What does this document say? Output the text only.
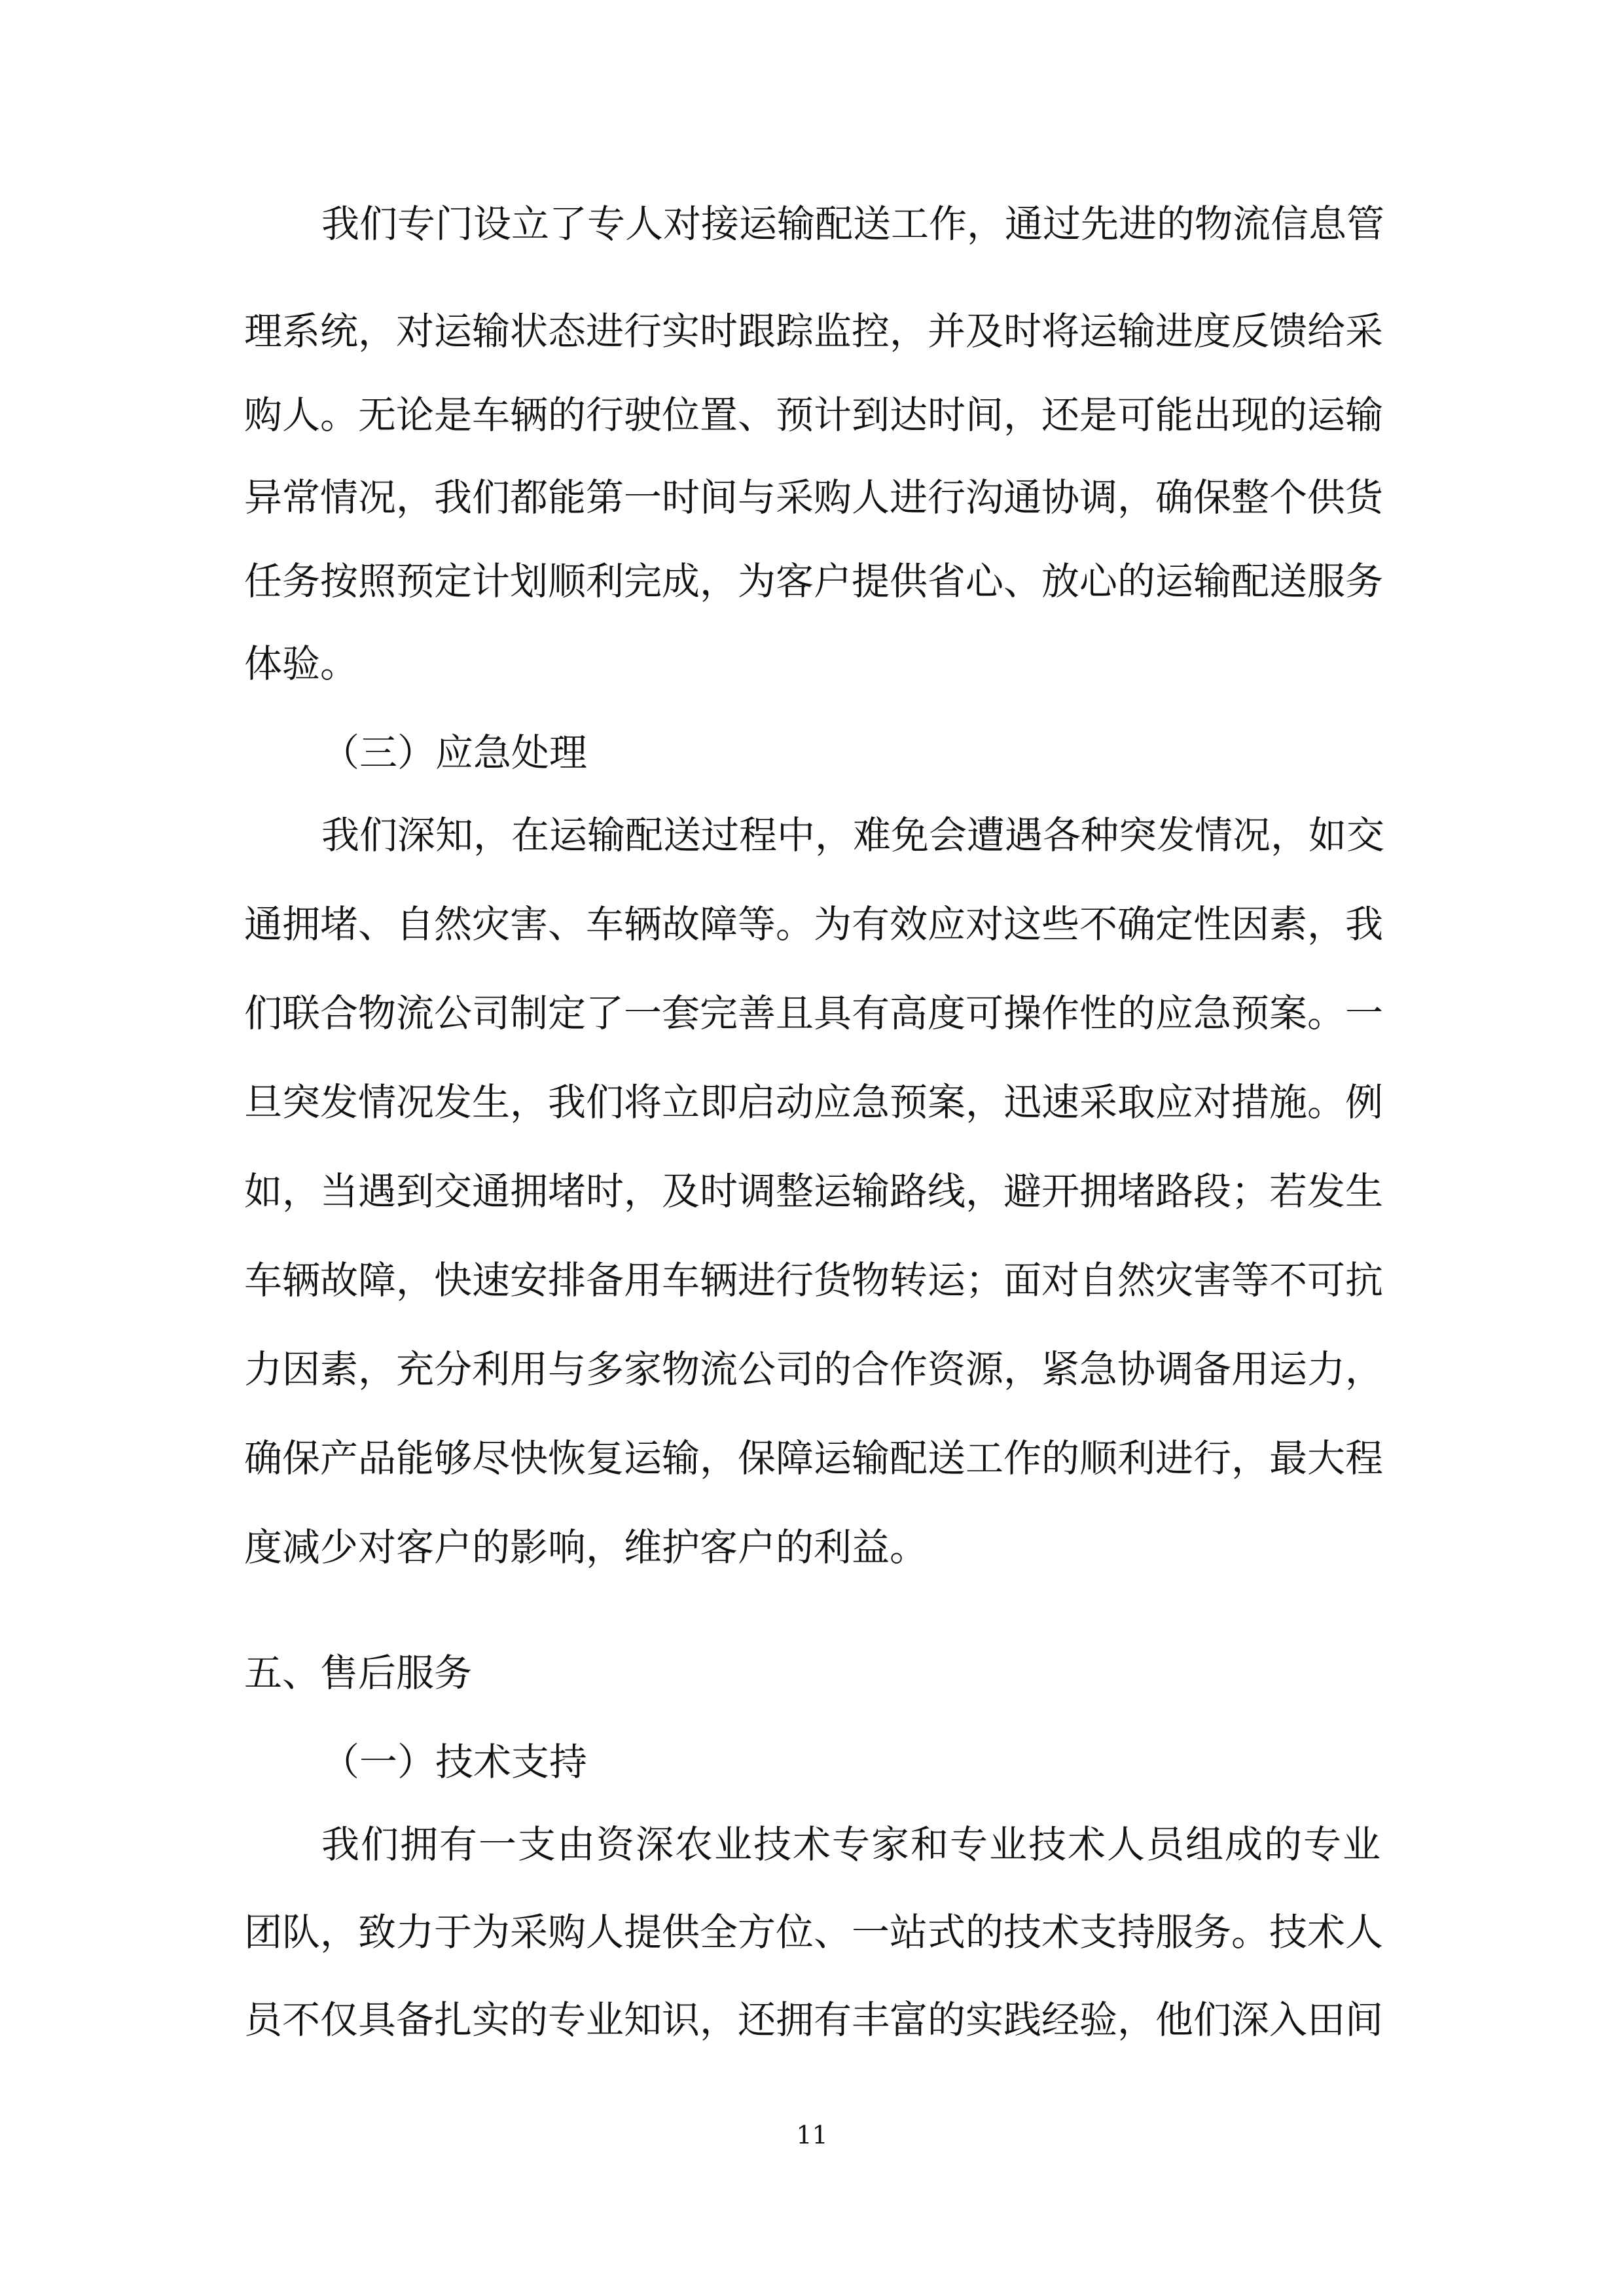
我们专门设立了专人对接运输配送工作，通过先进的物流信息管
理系统，对运输状态进行实时跟踪监控，并及时将运输进度反馈给采
购人。无论是车辆的行驶位置、预计到达时间，还是可能出现的运输
异常情况，我们都能第一时间与采购人进行沟通协调，确保整个供货
任务按照预定计划顺利完成，为客户提供省心、放心的运输配送服务
体验。
（三）应急处理
我们深知，在运输配送过程中，难免会遭遇各种突发情况，如交
通拥堵、自然灾害、车辆故障等。为有效应对这些不确定性因素，我
们联合物流公司制定了一套完善且具有高度可操作性的应急预案。一
旦突发情况发生，我们将立即启动应急预案，迅速采取应对措施。例
如，当遇到交通拥堵时，及时调整运输路线，避开拥堵路段；若发生
车辆故障，快速安排备用车辆进行货物转运；面对自然灾害等不可抗
力因素，充分利用与多家物流公司的合作资源，紧急协调备用运力，
确保产品能够尽快恢复运输，保障运输配送工作的顺利进行，最大程
度减少对客户的影响，维护客户的利益。
五、售后服务
（一）技术支持
我们拥有一支由资深农业技术专家和专业技术人员组成的专业
团队，致力于为采购人提供全方位、一站式的技术支持服务。技术人
员不仅具备扎实的专业知识，还拥有丰富的实践经验，他们深入田间
11
